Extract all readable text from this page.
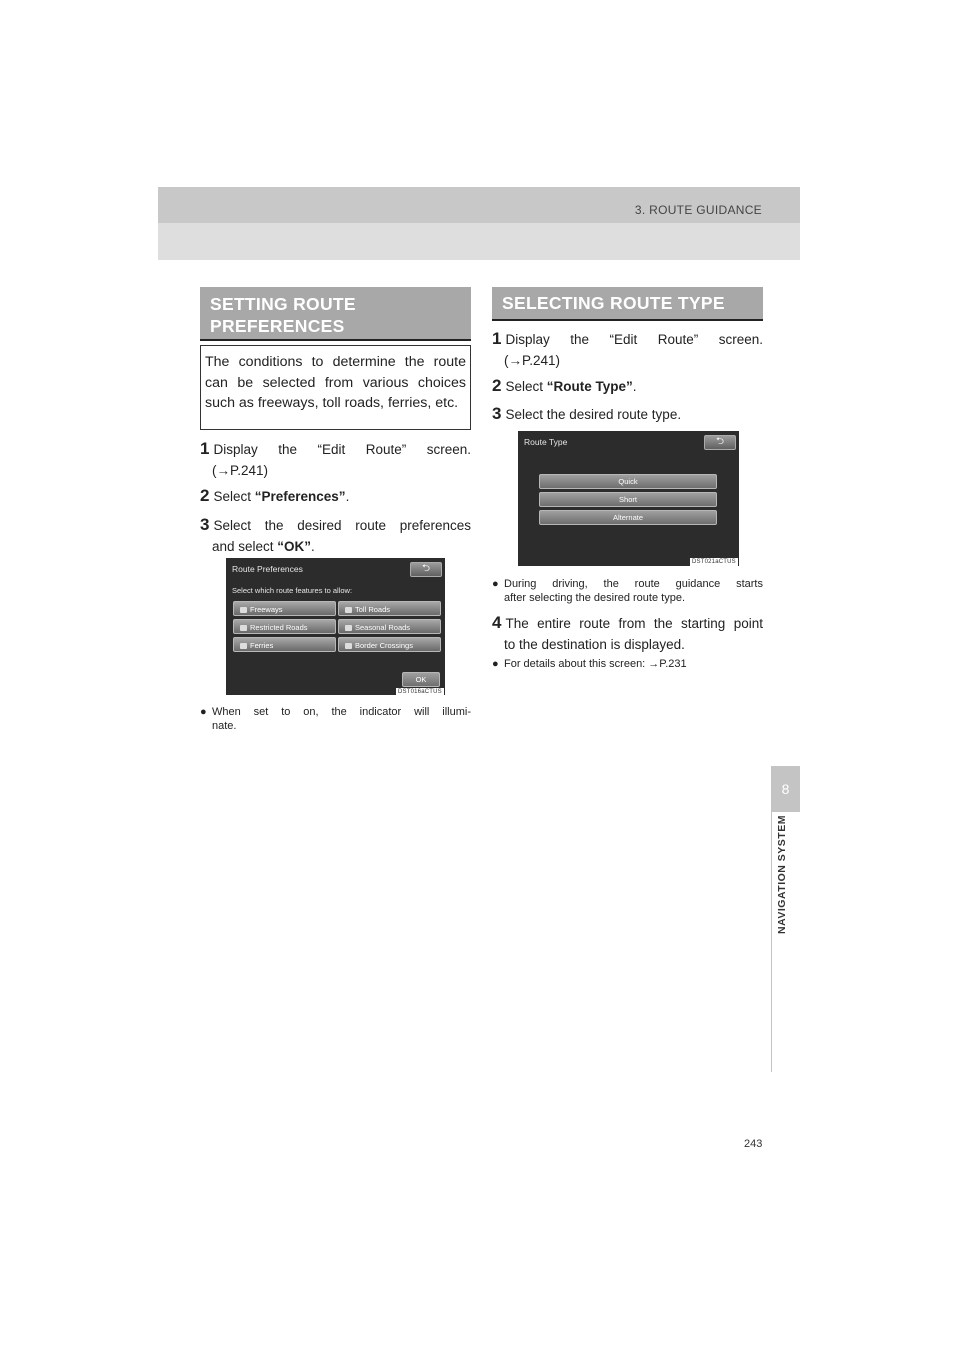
3. ROUTE GUIDANCE
8
NAVIGATION SYSTEM
SETTING ROUTE PREFERENCES
The conditions to determine the route can be selected from various choices such as freeways, toll roads, ferries, etc.
1 Display the “Edit Route” screen.
(→P.241)
2 Select “Preferences”.
3 Select the desired route preferences
and select “OK”.
Route Preferences	⮌
Select which route features to allow:
Freeways	Toll Roads
Restricted Roads	Seasonal Roads
Ferries	Border Crossings
OK
DST016aCTUS
● When set to on, the indicator will illumi-
nate.
SELECTING ROUTE TYPE
1 Display the “Edit Route” screen.
(→P.241)
2 Select “Route Type”.
3 Select the desired route type.
Route Type	⮌
Quick
Short
Alternate
DST021aCTUS
● During driving, the route guidance starts
after selecting the desired route type.
4 The entire route from the starting point
to the destination is displayed.
● For details about this screen: →P.231
243
